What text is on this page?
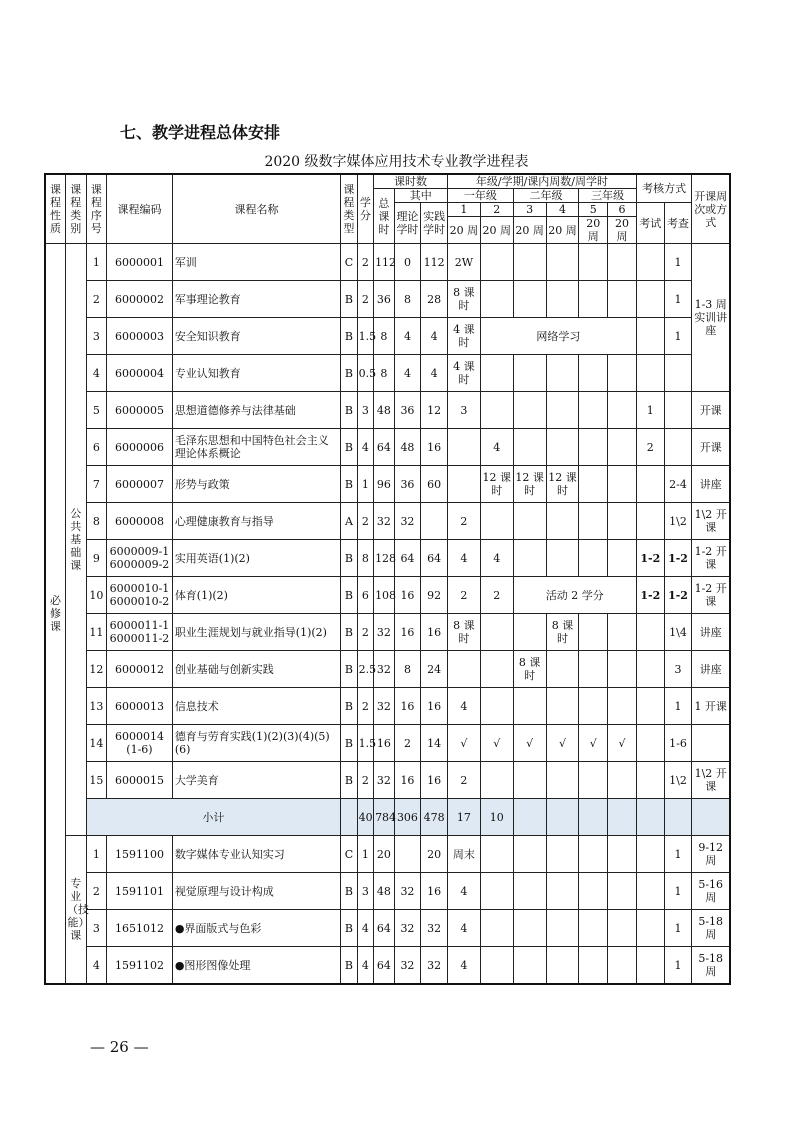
七、教学进程总体安排
2020 级数字媒体应用技术专业教学进程表
课程性质	课程类别	课程序号	课程编码	课程名称	课程类型	学分	课时数			年级/学期/课内周数/周学时						考核方式		开课周次或方式
							总课时	其中		一年级		二年级		三年级				
								理论学时	实践学时	1	2	3	4	5	6	考试	考查	
										20 周	20 周	20 周	20 周	20 周	20 周			
必修课	公共基础课	1	6000001	军训	C	2	112	0	112	2W							1	1-3 周实训讲座
		2	6000002	军事理论教育	B	2	36	8	28	8 课时							1	
		3	6000003	安全知识教育	B	1.5	8	4	4	4 课时	网络学习						1	
		4	6000004	专业认知教育	B	0.5	8	4	4	4 课时								
		5	6000005	思想道德修养与法律基础	B	3	48	36	12	3						1		开课
		6	6000006	毛泽东思想和中国特色社会主义理论体系概论	B	4	64	48	16		4					2		开课
		7	6000007	形势与政策	B	1	96	36	60		12 课时	12 课时	12 课时				2-4	讲座
		8	6000008	心理健康教育与指导	A	2	32	32		2							1\2	1\2 开课
		9	6000009-1
6000009-2	实用英语(1)(2)	B	8	128	64	64	4	4					1-2	1-2	1-2 开课
		10	6000010-1
6000010-2	体育(1)(2)	B	6	108	16	92	2	2	活动 2 学分				1-2	1-2	1-2 开课
		11	6000011-1
6000011-2	职业生涯规划与就业指导(1)(2)	B	2	32	16	16	8 课时			8 课时				1\4	讲座
		12	6000012	创业基础与创新实践	B	2.5	32	8	24			8 课时					3	讲座
		13	6000013	信息技术	B	2	32	16	16	4							1	1 开课
		14	6000014
(1-6)	德育与劳育实践(1)(2)(3)(4)(5)(6)	B	1.5	16	2	14	√	√	√	√	√	√		1-6	
		15	6000015	大学美育	B	2	32	16	16	2							1\2	1\2 开课
		小计				40	784	306	478	17	10							
	专业（技能）课	1	1591100	数字媒体专业认知实习	C	1	20		20	周末							1	9-12 周
		2	1591101	视觉原理与设计构成	B	3	48	32	16	4							1	5-16 周
		3	1651012	●界面版式与色彩	B	4	64	32	32	4							1	5-18 周
		4	1591102	●图形图像处理	B	4	64	32	32	4							1	5-18 周
— 26 —
